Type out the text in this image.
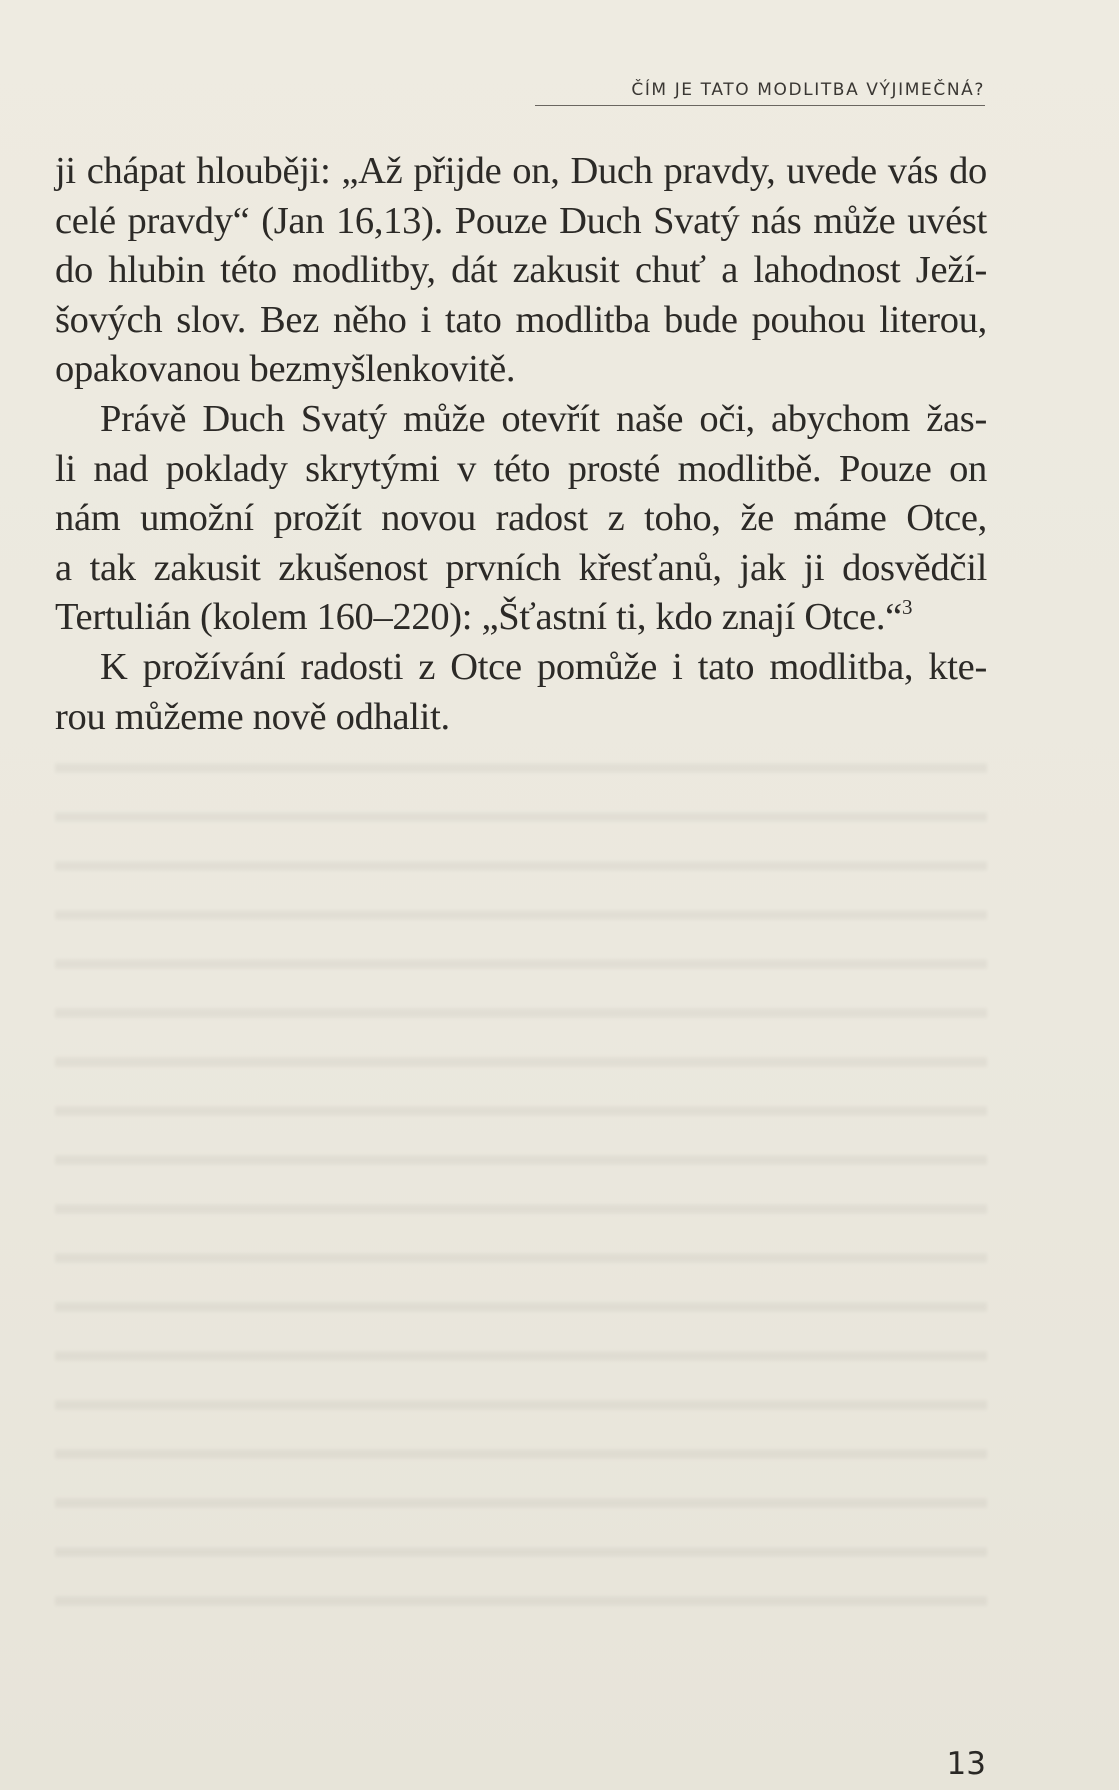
ČÍM JE TATO MODLITBA VÝJIMEČNÁ?

ji chápat hlouběji: „Až přijde on, Duch pravdy, uvede vás do
celé pravdy“ (Jan 16,13). Pouze Duch Svatý nás může uvést
do hlubin této modlitby, dát zakusit chuť a lahodnost Ježí-
šových slov. Bez něho i tato modlitba bude pouhou literou,
opakovanou bezmyšlenkovitě.

Právě Duch Svatý může otevřít naše oči, abychom žas-
li nad poklady skrytými v této prosté modlitbě. Pouze on
nám umožní prožít novou radost z toho, že máme Otce,
a tak zakusit zkušenost prvních křesťanů, jak ji dosvědčil
Tertulián (kolem 160–220): „Šťastní ti, kdo znají Otce.“$^3$

K prožívání radosti z Otce pomůže i tato modlitba, kte-
rou můžeme nově odhalit.

13
